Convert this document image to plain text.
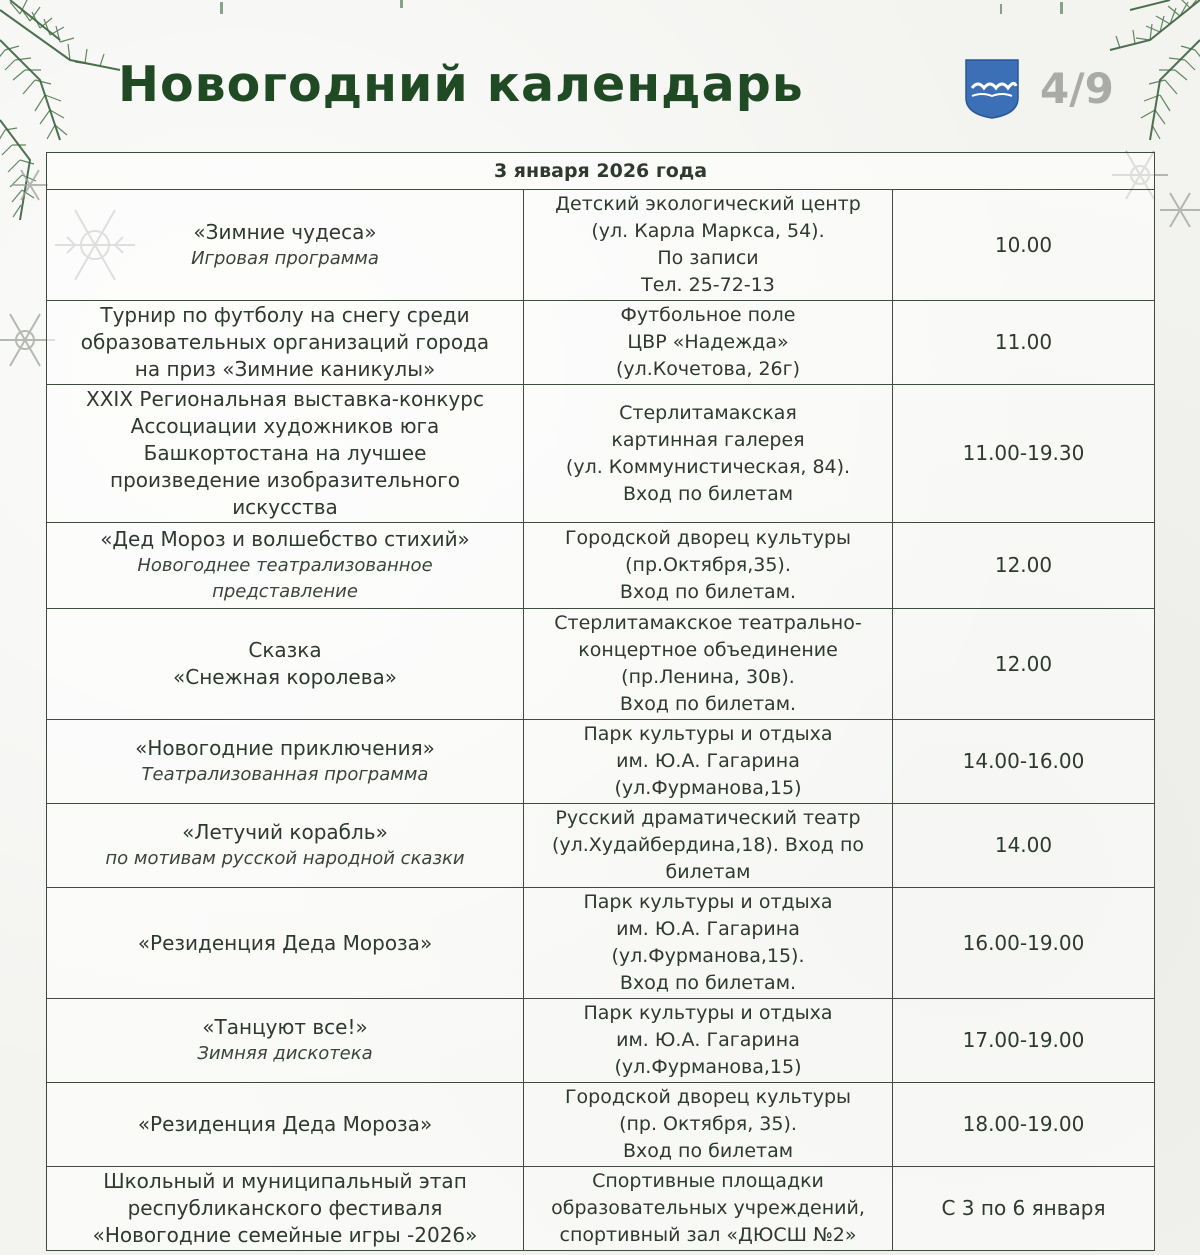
Новогодний календарь	4/9
3 января 2026 года		

«Зимние чудеса»
Игровая программа	Детский экологический центр
(ул. Карла Маркса, 54).
По записи
Тел. 25-72-13	10.00

Турнир по футболу на снегу среди
образовательных организаций города
на приз «Зимние каникулы»	Футбольное поле
ЦВР «Надежда»
(ул.Кочетова, 26г)	11.00

XXIX Региональная выставка-конкурс
Ассоциации художников юга
Башкортостана на лучшее
произведение изобразительного
искусства	Стерлитамакская
картинная галерея
(ул. Коммунистическая, 84).
Вход по билетам	11.00-19.30

«Дед Мороз и волшебство стихий»
Новогоднее театрализованное
представление	Городской дворец культуры
(пр.Октября,35).
Вход по билетам.	12.00

Сказка
«Снежная королева»	Стерлитамакское театрально-
концертное объединение
(пр.Ленина, 30в).
Вход по билетам.	12.00

«Новогодние приключения»
Театрализованная программа	Парк культуры и отдыха
им. Ю.А. Гагарина
(ул.Фурманова,15)	14.00-16.00

«Летучий корабль»
по мотивам русской народной сказки	Русский драматический театр
(ул.Худайбердина,18). Вход по
билетам	14.00

«Резиденция Деда Мороза»	Парк культуры и отдыха
им. Ю.А. Гагарина
(ул.Фурманова,15).
Вход по билетам.	16.00-19.00

«Танцуют все!»
Зимняя дискотека	Парк культуры и отдыха
им. Ю.А. Гагарина
(ул.Фурманова,15)	17.00-19.00

«Резиденция Деда Мороза»	Городской дворец культуры
(пр. Октября, 35).
Вход по билетам	18.00-19.00

Школьный и муниципальный этап
республиканского фестиваля
«Новогодние семейные игры -2026»	Спортивные площадки
образовательных учреждений,
спортивный зал «ДЮСШ №2»	С 3 по 6 января
